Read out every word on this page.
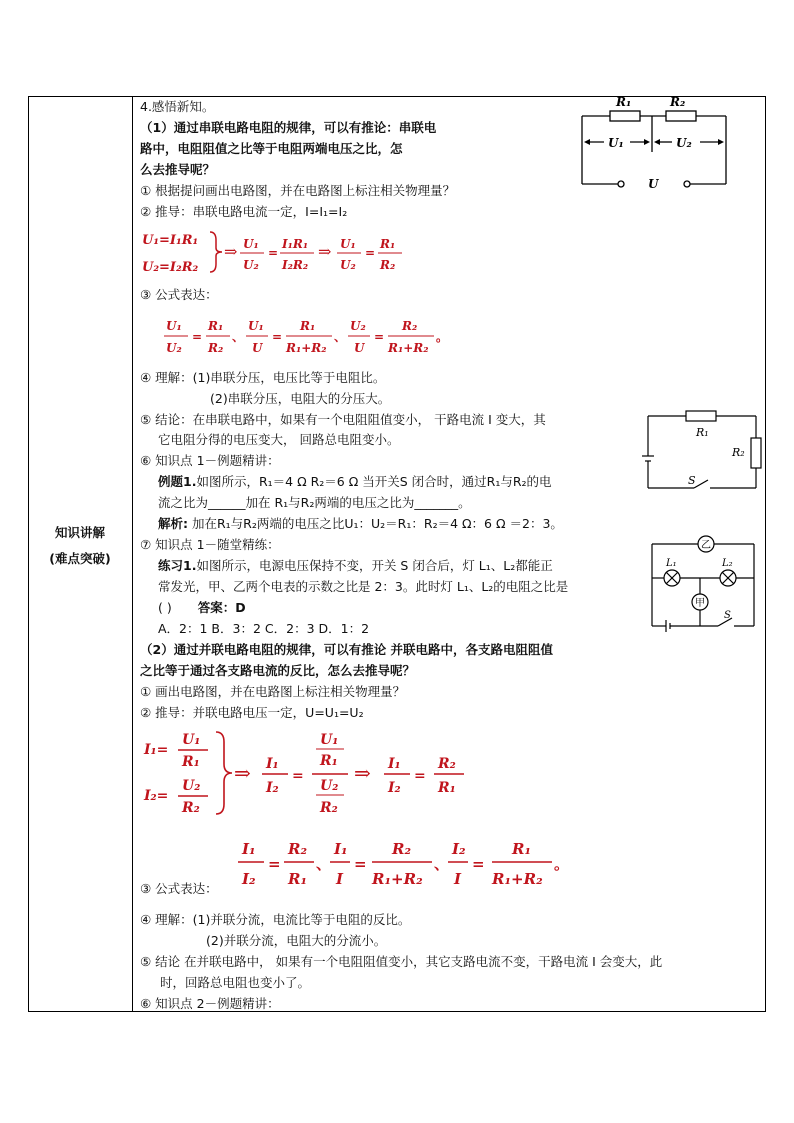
知识讲解
(难点突破)
4.感悟新知。
（1）通过串联电路电阻的规律，可以有推论：串联电
路中，电阻阻值之比等于电阻两端电压之比，怎
么去推导呢？
① 根据提问画出电路图，并在电路图上标注相关物理量？
② 推导：串联电路电流一定，I=I₁=I₂
U₁=I₁R₁
U₂=I₂R₂
⇒ U₁
U₂
=
I₁R₁
I₂R₂
⇒ U₁
U₂
=
R₁
R₂
③ 公式表达：
U₁
U₂
=
R₁
R₂
、
U₁
U
=
R₁
R₁+R₂
、
U₂
U
=
R₂
R₁+R₂
。
④ 理解：(1)串联分压，电压比等于电阻比。
(2)串联分压，电阻大的分压大。
⑤ 结论：在串联电路中，如果有一个电阻阻值变小， 干路电流 I 变大，其
它电阻分得的电压变大， 回路总电阻变小。
⑥ 知识点 1－例题精讲：
例题1.如图所示，R₁＝4 Ω R₂＝6 Ω 当开关S 闭合时，通过R₁与R₂的电
流之比为______加在 R₁与R₂两端的电压之比为_______。
解析: 加在R₁与R₂两端的电压之比U₁：U₂＝R₁：R₂＝4 Ω：6 Ω ＝2：3。
⑦ 知识点 1－随堂精练：
练习1.如图所示，电源电压保持不变，开关 S 闭合后，灯 L₁、L₂都能正
常发光，甲、乙两个电表的示数之比是 2：3。此时灯 L₁、L₂的电阻之比是
( ) 答案：D
A．2：1 B．3：2 C．2：3 D．1：2
（2）通过并联电路电阻的规律，可以有推论 并联电路中，各支路电阻阻值
之比等于通过各支路电流的反比，怎么去推导呢？
① 画出电路图，并在电路图上标注相关物理量？
② 推导：并联电路电压一定，U=U₁=U₂
I₁=
U₁
R₁
I₂=
U₂
R₂
⇒ I₁
I₂
=
U₁
R₁
U₂
R₂
⇒ I₁
I₂
=
R₂
R₁
I₁
I₂
=
R₂
R₁
、
I₁
I
=
R₂
R₁+R₂
、
I₂
I
=
R₁
R₁+R₂
。
③ 公式表达：
④ 理解：(1)并联分流，电流比等于电阻的反比。
(2)并联分流，电阻大的分流小。
⑤ 结论 在并联电路中， 如果有一个电阻阻值变小，其它支路电流不变，干路电流 I 会变大，此
时，回路总电阻也变小了。
⑥ 知识点 2－例题精讲：
R₁	R₂
U₁	U₂
U
R₁
R₂
S
乙
甲
L₁	L₂
S
